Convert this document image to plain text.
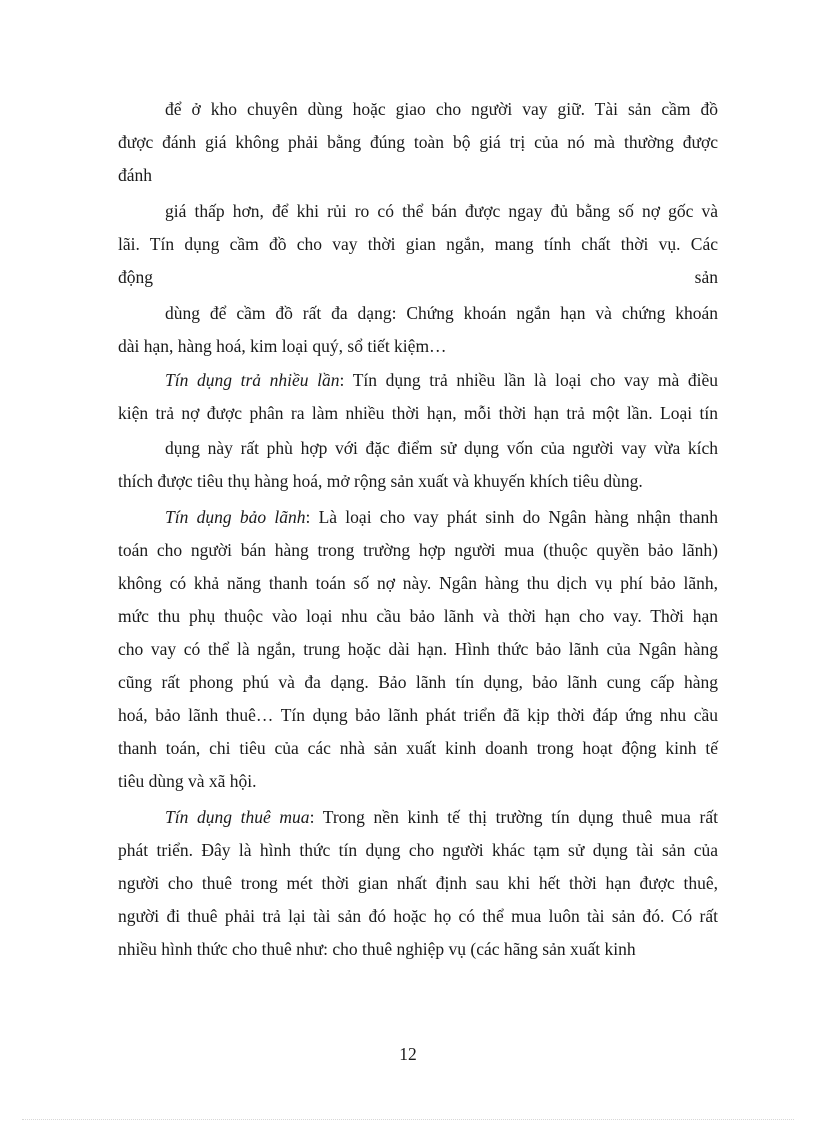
để ở kho chuyên dùng hoặc giao cho người vay giữ. Tài sản cầm đồ
được đánh giá không phải bằng đúng toàn bộ giá trị của nó mà thường được
đánh
giá thấp hơn, để khi rủi ro có thể bán được ngay đủ bằng số nợ gốc và
lãi. Tín dụng cầm đồ cho vay thời gian ngắn, mang tính chất thời vụ. Các
động	sản
dùng để cầm đồ rất đa dạng: Chứng khoán ngắn hạn và chứng khoán
dài hạn, hàng hoá, kim loại quý, sổ tiết kiệm…
Tín dụng trả nhiều lần: Tín dụng trả nhiều lần là loại cho vay mà điều
kiện trả nợ được phân ra làm nhiều thời hạn, mỗi thời hạn trả một lần. Loại tín
dụng này rất phù hợp với đặc điểm sử dụng vốn của người vay vừa kích
thích được tiêu thụ hàng hoá, mở rộng sản xuất và khuyến khích tiêu dùng.
Tín dụng bảo lãnh: Là loại cho vay phát sinh do Ngân hàng nhận thanh
toán cho người bán hàng trong trường hợp người mua (thuộc quyền bảo lãnh)
không có khả năng thanh toán số nợ này. Ngân hàng thu dịch vụ phí bảo lãnh,
mức thu phụ thuộc vào loại nhu cầu bảo lãnh và thời hạn cho vay. Thời hạn
cho vay có thể là ngắn, trung hoặc dài hạn. Hình thức bảo lãnh của Ngân hàng
cũng rất phong phú và đa dạng. Bảo lãnh tín dụng, bảo lãnh cung cấp hàng
hoá, bảo lãnh thuê… Tín dụng bảo lãnh phát triển đã kịp thời đáp ứng nhu cầu
thanh toán, chi tiêu của các nhà sản xuất kinh doanh trong hoạt động kinh tế
tiêu dùng và xã hội.
Tín dụng thuê mua: Trong nền kinh tế thị trường tín dụng thuê mua rất
phát triển. Đây là hình thức tín dụng cho người khác tạm sử dụng tài sản của
người cho thuê trong mét thời gian nhất định sau khi hết thời hạn được thuê,
người đi thuê phải trả lại tài sản đó hoặc họ có thể mua luôn tài sản đó. Có rất
nhiều hình thức cho thuê như: cho thuê nghiệp vụ (các hãng sản xuất kinh
12
